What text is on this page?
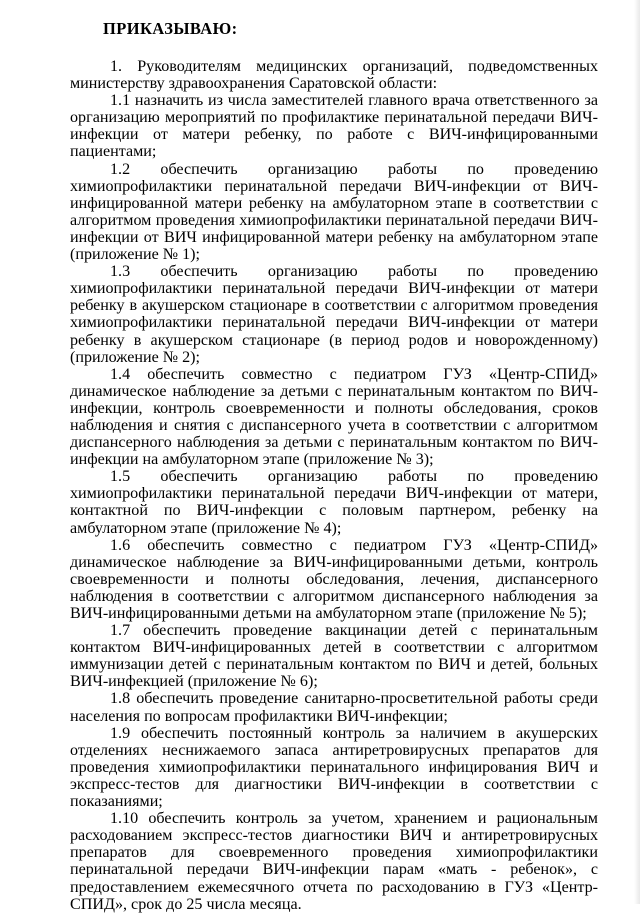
ПРИКАЗЫВАЮ:

1. Руководителям медицинских организаций, подведомственных министерству здравоохранения Саратовской области:

1.1 назначить из числа заместителей главного врача ответственного за организацию мероприятий по профилактике перинатальной передачи ВИЧ-инфекции от матери ребенку, по работе с ВИЧ-инфицированными пациентами;

1.2 обеспечить организацию работы по проведению химиопрофилактики перинатальной передачи ВИЧ-инфекции от ВИЧ-инфицированной матери ребенку на амбулаторном этапе в соответствии с алгоритмом проведения химиопрофилактики перинатальной передачи ВИЧ-инфекции от ВИЧ инфицированной матери ребенку на амбулаторном этапе (приложение № 1);

1.3 обеспечить организацию работы по проведению химиопрофилактики перинатальной передачи ВИЧ-инфекции от матери ребенку в акушерском стационаре в соответствии с алгоритмом проведения химиопрофилактики перинатальной передачи ВИЧ-инфекции от матери ребенку в акушерском стационаре (в период родов и новорожденному) (приложение № 2);

1.4 обеспечить совместно с педиатром ГУЗ «Центр-СПИД» динамическое наблюдение за детьми с перинатальным контактом по ВИЧ-инфекции, контроль своевременности и полноты обследования, сроков наблюдения и снятия с диспансерного учета в соответствии с алгоритмом диспансерного наблюдения за детьми с перинатальным контактом по ВИЧ-инфекции на амбулаторном этапе (приложение № 3);

1.5 обеспечить организацию работы по проведению химиопрофилактики перинатальной передачи ВИЧ-инфекции от матери, контактной по ВИЧ-инфекции с половым партнером, ребенку на амбулаторном этапе (приложение № 4);

1.6 обеспечить совместно с педиатром ГУЗ «Центр-СПИД» динамическое наблюдение за ВИЧ-инфицированными детьми, контроль своевременности и полноты обследования, лечения, диспансерного наблюдения в соответствии с алгоритмом диспансерного наблюдения за ВИЧ-инфицированными детьми на амбулаторном этапе (приложение № 5);

1.7 обеспечить проведение вакцинации детей с перинатальным контактом ВИЧ-инфицированных детей в соответствии с алгоритмом иммунизации детей с перинатальным контактом по ВИЧ и детей, больных ВИЧ-инфекцией (приложение № 6);

1.8 обеспечить проведение санитарно-просветительной работы среди населения по вопросам профилактики ВИЧ-инфекции;

1.9 обеспечить постоянный контроль за наличием в акушерских отделениях неснижаемого запаса антиретровирусных препаратов для проведения химиопрофилактики перинатального инфицирования ВИЧ и экспресс-тестов для диагностики ВИЧ-инфекции в соответствии с показаниями;

1.10 обеспечить контроль за учетом, хранением и рациональным расходованием экспресс-тестов диагностики ВИЧ и антиретровирусных препаратов для своевременного проведения химиопрофилактики перинатальной передачи ВИЧ-инфекции парам «мать - ребенок», с предоставлением ежемесячного отчета по расходованию в ГУЗ «Центр-СПИД», срок до 25 числа месяца.
